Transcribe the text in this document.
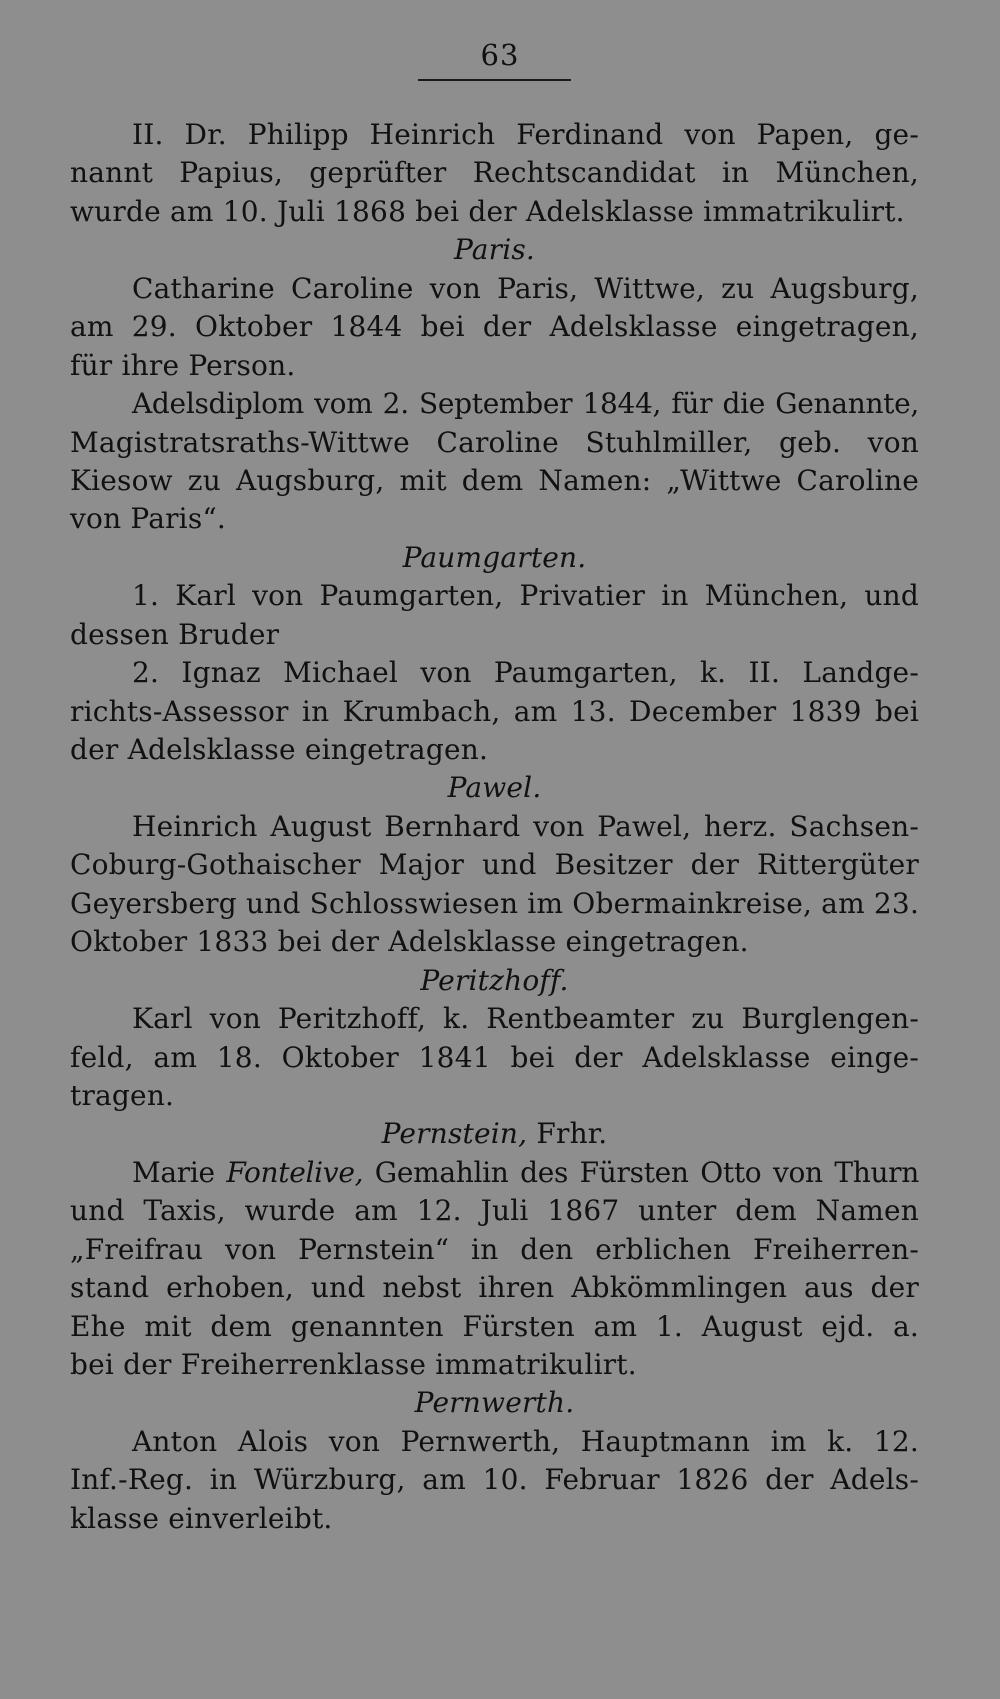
63
II. Dr. Philipp Heinrich Ferdinand von Papen, ge-
nannt Papius, geprüfter Rechtscandidat in München,
wurde am 10. Juli 1868 bei der Adelsklasse immatrikulirt.
Paris.
Catharine Caroline von Paris, Wittwe, zu Augsburg,
am 29. Oktober 1844 bei der Adelsklasse eingetragen,
für ihre Person.
Adelsdiplom vom 2. September 1844, für die Genannte,
Magistratsraths-Wittwe Caroline Stuhlmiller, geb. von
Kiesow zu Augsburg, mit dem Namen: „Wittwe Caroline
von Paris“.
Paumgarten.
1. Karl von Paumgarten, Privatier in München, und
dessen Bruder
2. Ignaz Michael von Paumgarten, k. II. Landge-
richts-Assessor in Krumbach, am 13. December 1839 bei
der Adelsklasse eingetragen.
Pawel.
Heinrich August Bernhard von Pawel, herz. Sachsen-
Coburg-Gothaischer Major und Besitzer der Rittergüter
Geyersberg und Schlosswiesen im Obermainkreise, am 23.
Oktober 1833 bei der Adelsklasse eingetragen.
Peritzhoff.
Karl von Peritzhoff, k. Rentbeamter zu Burglengen-
feld, am 18. Oktober 1841 bei der Adelsklasse einge-
tragen.
Pernstein, Frhr.
Marie Fontelive, Gemahlin des Fürsten Otto von Thurn
und Taxis, wurde am 12. Juli 1867 unter dem Namen
„Freifrau von Pernstein“ in den erblichen Freiherren-
stand erhoben, und nebst ihren Abkömmlingen aus der
Ehe mit dem genannten Fürsten am 1. August ejd. a.
bei der Freiherrenklasse immatrikulirt.
Pernwerth.
Anton Alois von Pernwerth, Hauptmann im k. 12.
Inf.-Reg. in Würzburg, am 10. Februar 1826 der Adels-
klasse einverleibt.
